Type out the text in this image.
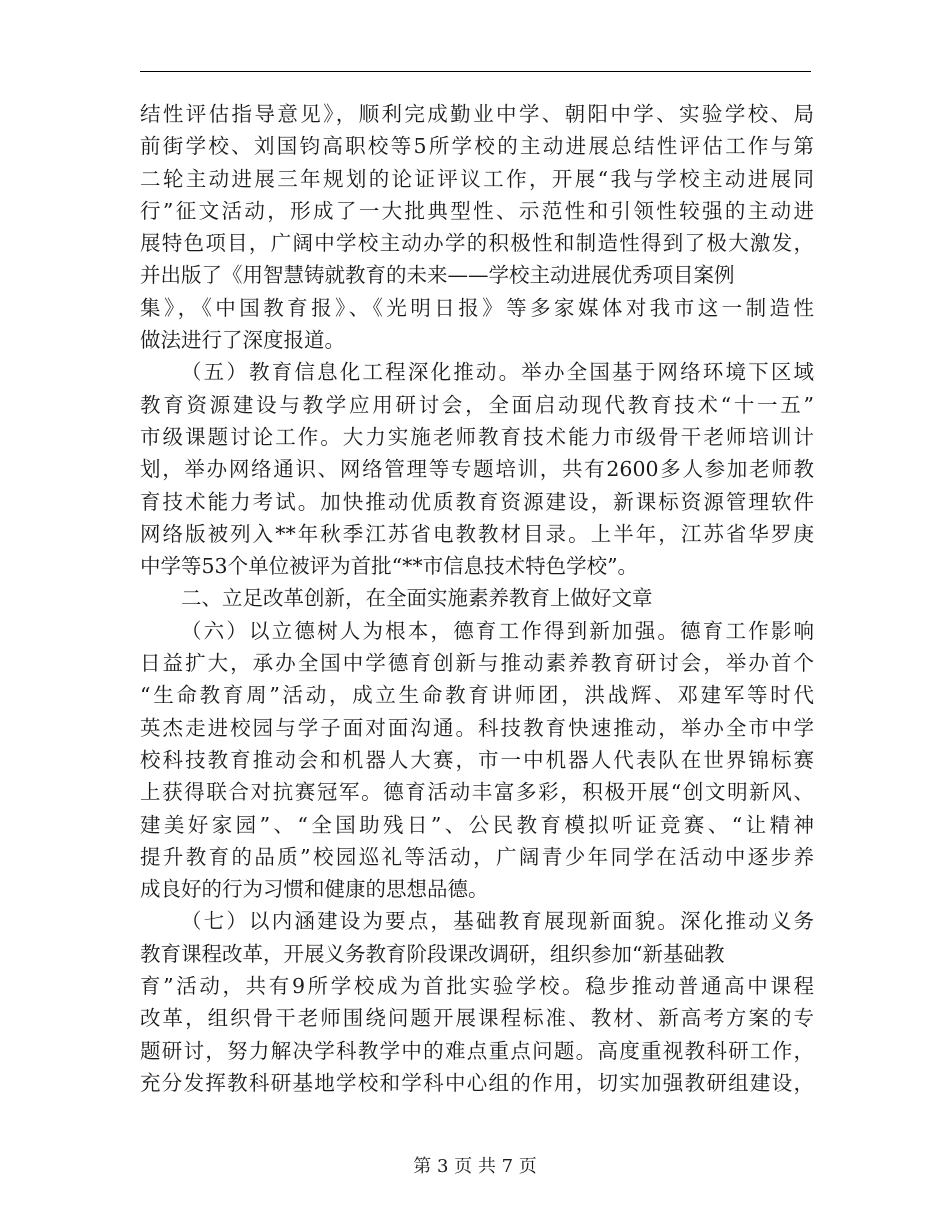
结性评估指导意见》，顺利完成勤业中学、朝阳中学、实验学校、局
前街学校、刘国钧高职校等5所学校的主动进展总结性评估工作与第
二轮主动进展三年规划的论证评议工作，开展“我与学校主动进展同
行”征文活动，形成了一大批典型性、示范性和引领性较强的主动进
展特色项目，广阔中学校主动办学的积极性和制造性得到了极大激发，
并出版了《用智慧铸就教育的未来——学校主动进展优秀项目案例
集》，《中国教育报》、《光明日报》等多家媒体对我市这一制造性
做法进行了深度报道。
（五）教育信息化工程深化推动。举办全国基于网络环境下区域
教育资源建设与教学应用研讨会，全面启动现代教育技术“十一五”
市级课题讨论工作。大力实施老师教育技术能力市级骨干老师培训计
划，举办网络通识、网络管理等专题培训，共有2600多人参加老师教
育技术能力考试。加快推动优质教育资源建设，新课标资源管理软件
网络版被列入**年秋季江苏省电教教材目录。上半年，江苏省华罗庚
中学等53个单位被评为首批“**市信息技术特色学校”。
二、立足改革创新，在全面实施素养教育上做好文章
（六）以立德树人为根本，德育工作得到新加强。德育工作影响
日益扩大，承办全国中学德育创新与推动素养教育研讨会，举办首个
“生命教育周”活动，成立生命教育讲师团，洪战辉、邓建军等时代
英杰走进校园与学子面对面沟通。科技教育快速推动，举办全市中学
校科技教育推动会和机器人大赛，市一中机器人代表队在世界锦标赛
上获得联合对抗赛冠军。德育活动丰富多彩，积极开展“创文明新风、
建美好家园”、“全国助残日”、公民教育模拟听证竞赛、“让精神
提升教育的品质”校园巡礼等活动，广阔青少年同学在活动中逐步养
成良好的行为习惯和健康的思想品德。
（七）以内涵建设为要点，基础教育展现新面貌。深化推动义务
教育课程改革，开展义务教育阶段课改调研，组织参加“新基础教
育”活动，共有9所学校成为首批实验学校。稳步推动普通高中课程
改革，组织骨干老师围绕问题开展课程标准、教材、新高考方案的专
题研讨，努力解决学科教学中的难点重点问题。高度重视教科研工作，
充分发挥教科研基地学校和学科中心组的作用，切实加强教研组建设，
第 3 页 共 7 页
